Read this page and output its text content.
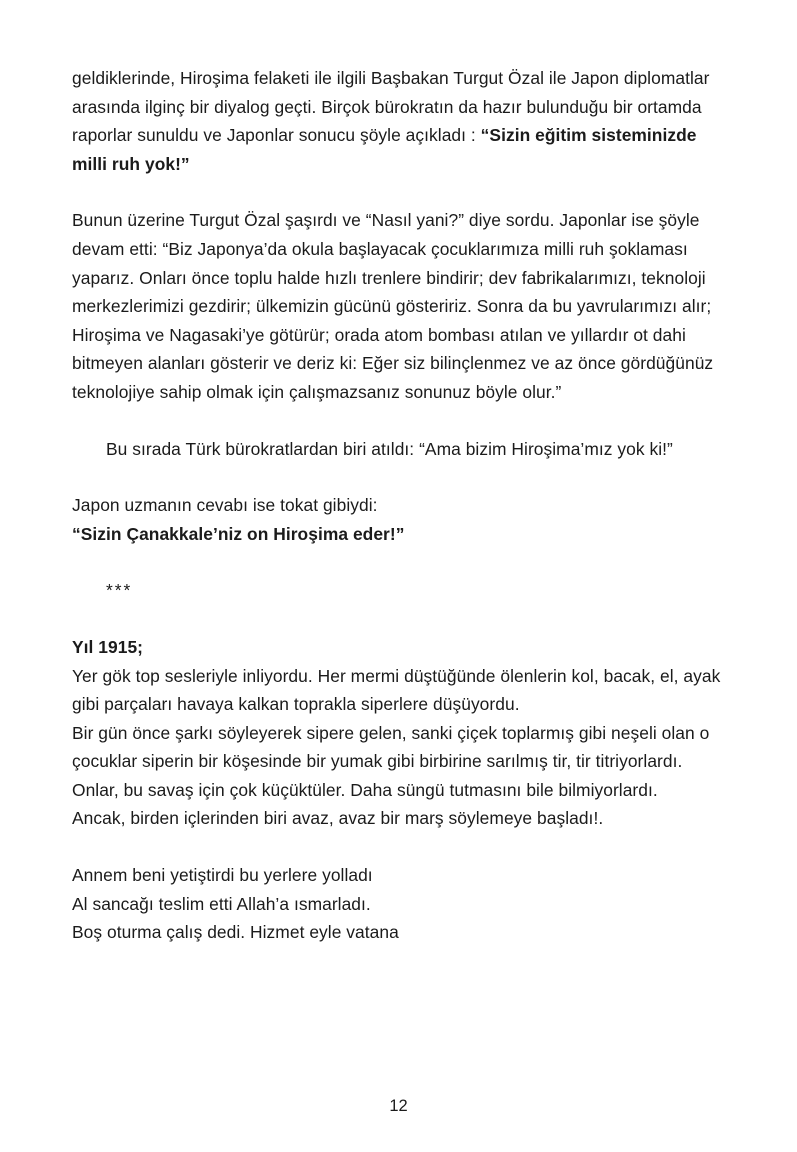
geldiklerinde, Hiroşima felaketi ile ilgili Başbakan Turgut Özal ile Japon diplomatlar arasında ilginç bir diyalog geçti. Birçok bürokratın da hazır bulunduğu bir ortamda raporlar sunuldu ve Japonlar sonucu şöyle açıkladı : “Sizin eğitim sisteminizde milli ruh yok!”

Bunun üzerine Turgut Özal şaşırdı ve “Nasıl yani?” diye sordu. Japonlar ise şöyle devam etti: “Biz Japonya’da okula başlayacak çocuklarımıza milli ruh şoklaması yaparız. Onları önce toplu halde hızlı trenlere bindirir; dev fabrikalarımızı, teknoloji merkezlerimizi gezdirir; ülkemizin gücünü gösteririz. Sonra da bu yavrularımızı alır; Hiroşima ve Nagasaki’ye götürür; orada atom bombası atılan ve yıllardır ot dahi bitmeyen alanları gösterir ve deriz ki: Eğer siz bilinçlenmez ve az önce gördüğünüz teknolojiye sahip olmak için çalışmazsanız sonunuz böyle olur.”

Bu sırada Türk bürokratlardan biri atıldı: “Ama bizim Hiroşima’mız yok ki!”

Japon uzmanın cevabı ise tokat gibiydi:

“Sizin Çanakkale’niz on Hiroşima eder!”

***

Yıl 1915;

Yer gök top sesleriyle inliyordu. Her mermi düştüğünde ölenlerin kol, bacak, el, ayak gibi parçaları havaya kalkan toprakla siperlere düşüyordu.

Bir gün önce şarkı söyleyerek sipere gelen, sanki çiçek toplarmış gibi neşeli olan o çocuklar siperin bir köşesinde bir yumak gibi birbirine sarılmış tir, tir titriyorlardı.

Onlar, bu savaş için çok küçüktüler. Daha süngü tutmasını bile bilmiyorlardı.

Ancak, birden içlerinden biri avaz, avaz bir marş söylemeye başladı!.

Annem beni yetiştirdi bu yerlere yolladı

Al sancağı teslim etti Allah’a ısmarladı.

Boş oturma çalış dedi. Hizmet eyle vatana

12
